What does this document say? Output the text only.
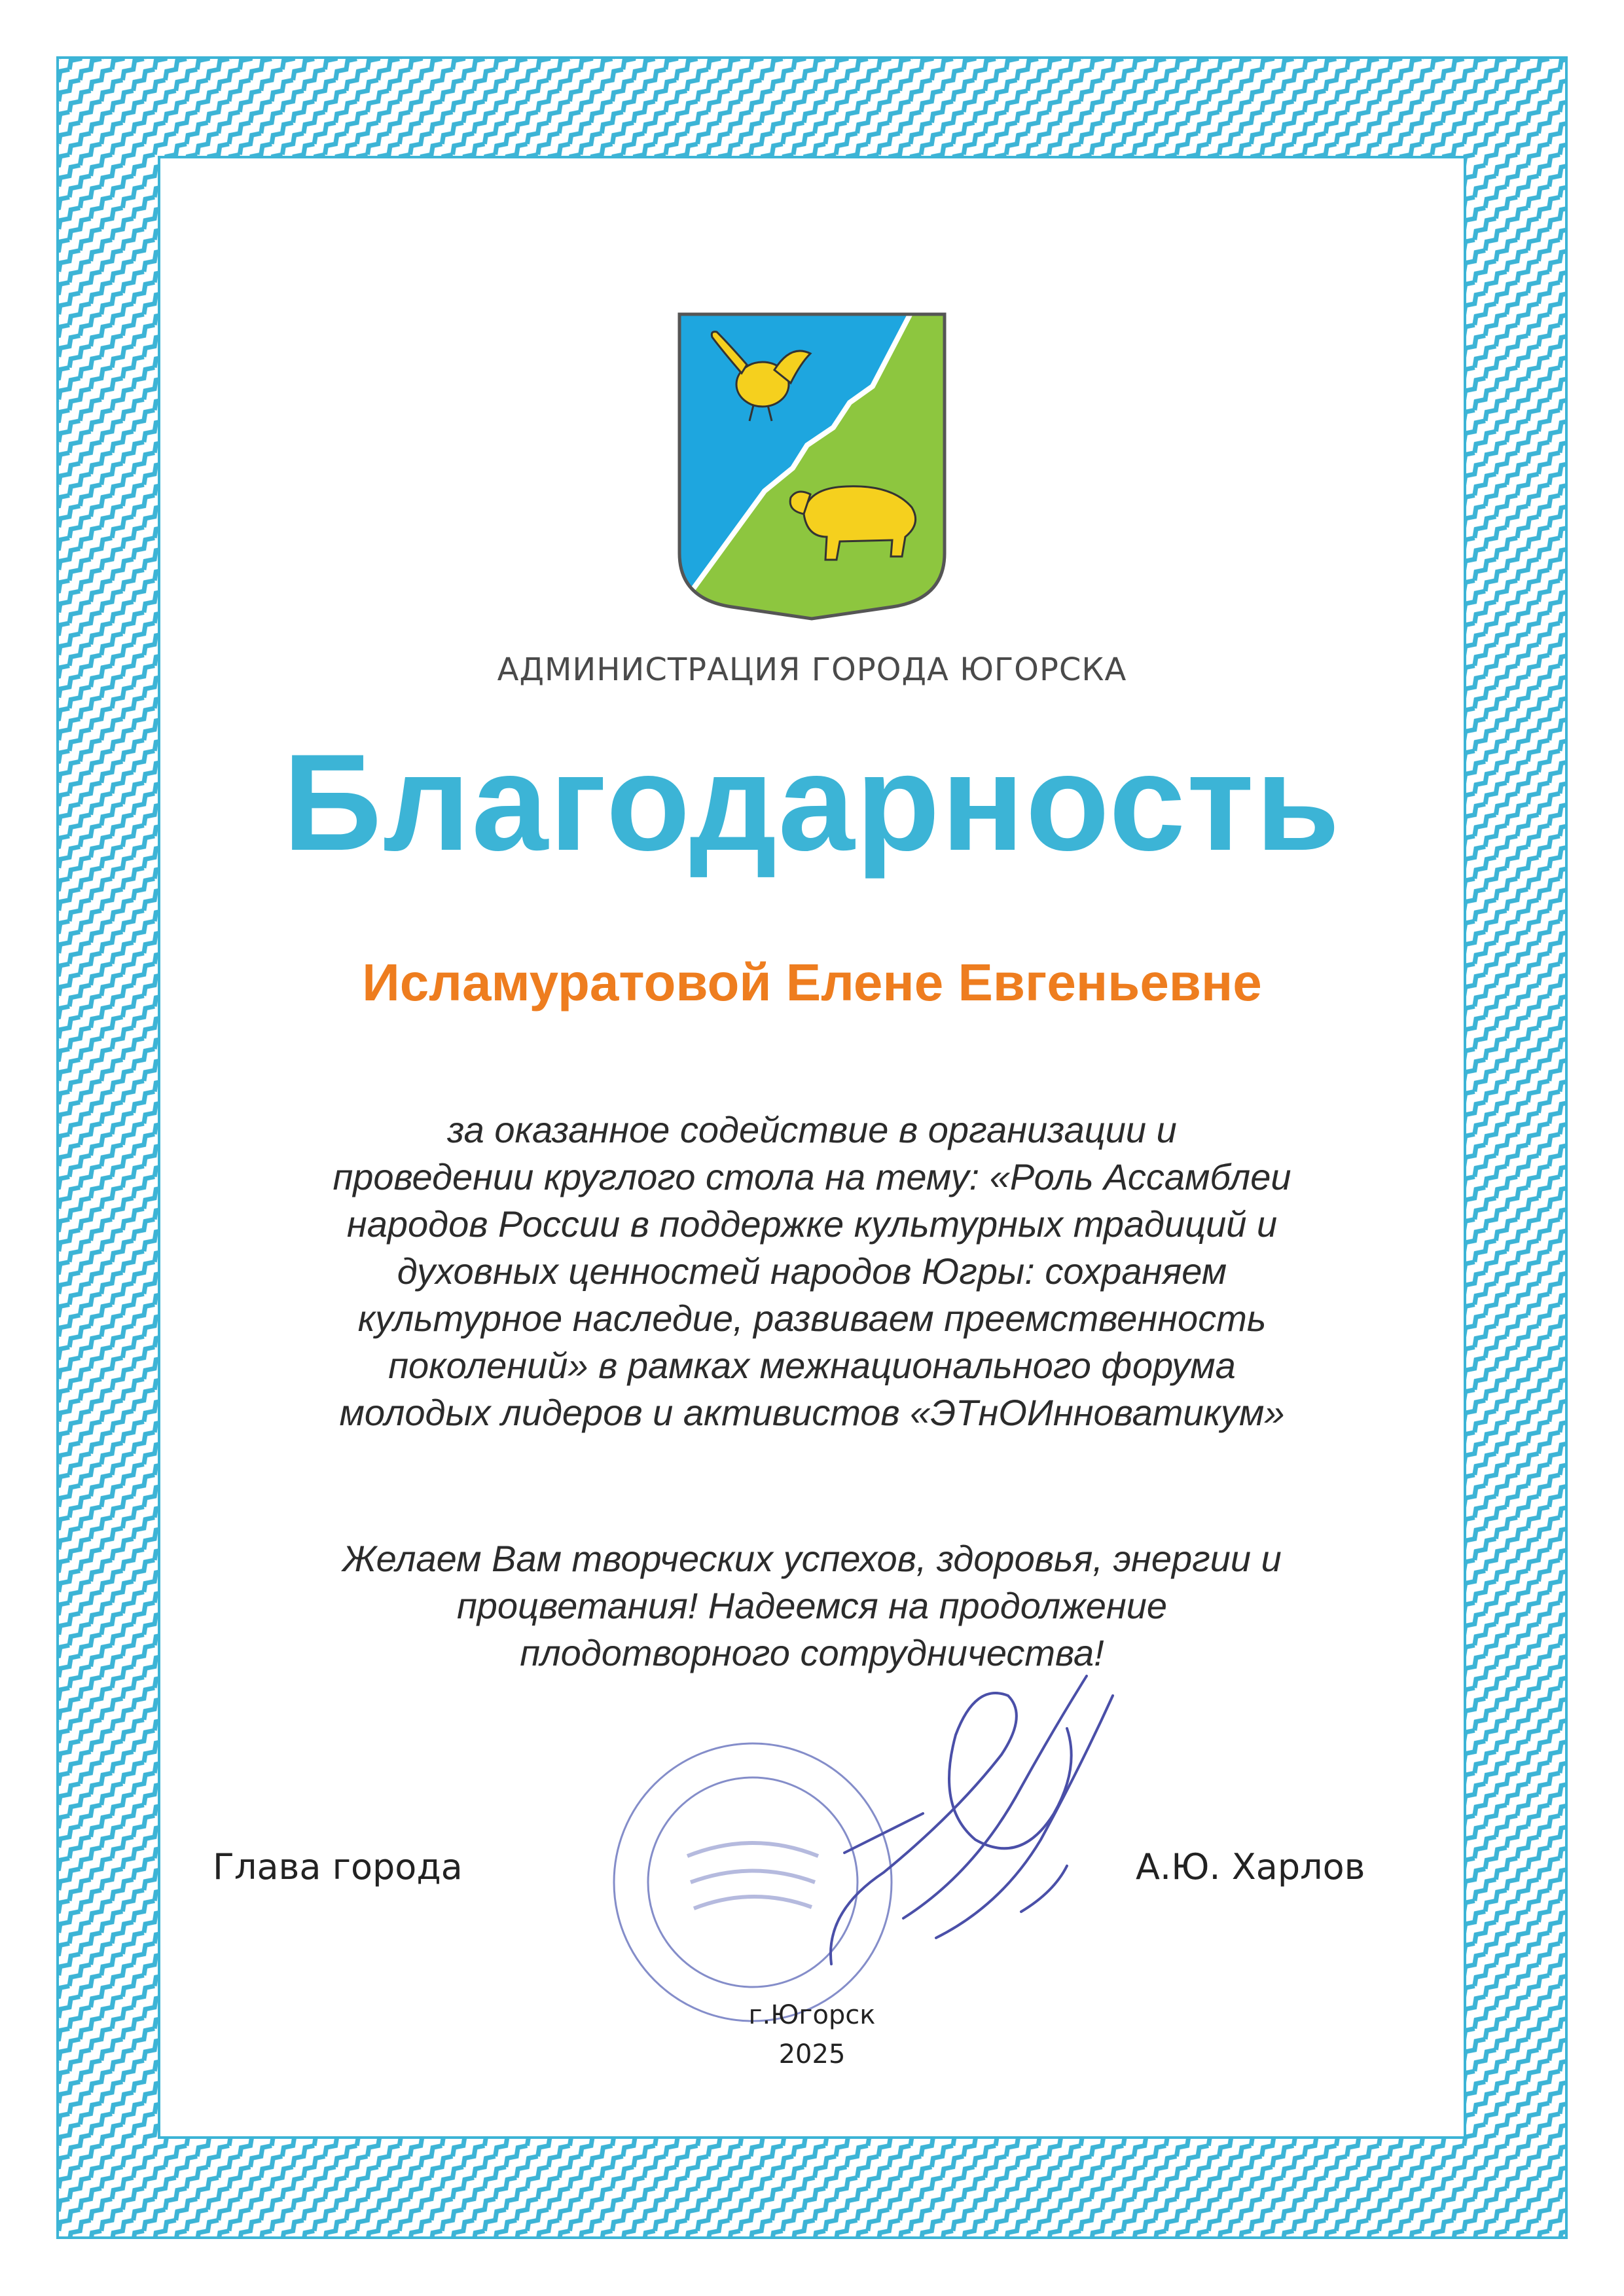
АДМИНИСТРАЦИЯ ГОРОДА ЮГОРСКА
Благодарность
Исламуратовой Елене Евгеньевне
за оказанное содействие в организации и
проведении круглого стола на тему: «Роль Ассамблеи
народов России в поддержке культурных традиций и
духовных ценностей народов Югры: сохраняем
культурное наследие, развиваем преемственность
поколений» в рамках межнационального форума
молодых лидеров и активистов «ЭТнОИнноватикум»
Желаем Вам творческих успехов, здоровья, энергии и
процветания! Надеемся на продолжение
плодотворного сотрудничества!
Глава города	А.Ю. Харлов
г.Югорск
2025
